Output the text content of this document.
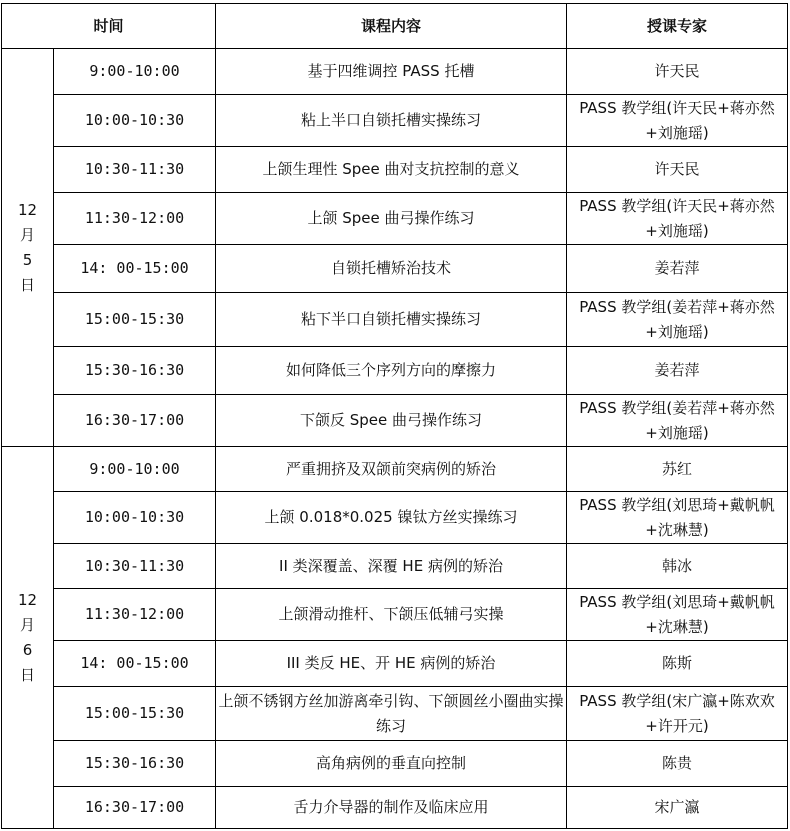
时间		课程内容	授课专家

12
月
5
日	9:00-10:00	基于四维调控 PASS 托槽	许天民
	10:00-10:30	粘上半口自锁托槽实操练习	PASS 教学组(许天民+蒋亦然+刘施瑶)
	10:30-11:30	上颌生理性 Spee 曲对支抗控制的意义	许天民
	11:30-12:00	上颌 Spee 曲弓操作练习	PASS 教学组(许天民+蒋亦然+刘施瑶)
	14: 00-15:00	自锁托槽矫治技术	姜若萍
	15:00-15:30	粘下半口自锁托槽实操练习	PASS 教学组(姜若萍+蒋亦然+刘施瑶)
	15:30-16:30	如何降低三个序列方向的摩擦力	姜若萍
	16:30-17:00	下颌反 Spee 曲弓操作练习	PASS 教学组(姜若萍+蒋亦然+刘施瑶)

12
月
6
日	9:00-10:00	严重拥挤及双颌前突病例的矫治	苏红
	10:00-10:30	上颌 0.018*0.025 镍钛方丝实操练习	PASS 教学组(刘思琦+戴帆帆+沈琳慧)
	10:30-11:30	II 类深覆盖、深覆 HE 病例的矫治	韩冰
	11:30-12:00	上颌滑动推杆、下颌压低辅弓实操	PASS 教学组(刘思琦+戴帆帆+沈琳慧)
	14: 00-15:00	III 类反 HE、开 HE 病例的矫治	陈斯
	15:00-15:30	上颌不锈钢方丝加游离牵引钩、下颌圆丝小圈曲实操练习	PASS 教学组(宋广瀛+陈欢欢+许开元)
	15:30-16:30	高角病例的垂直向控制	陈贵
	16:30-17:00	舌力介导器的制作及临床应用	宋广瀛
